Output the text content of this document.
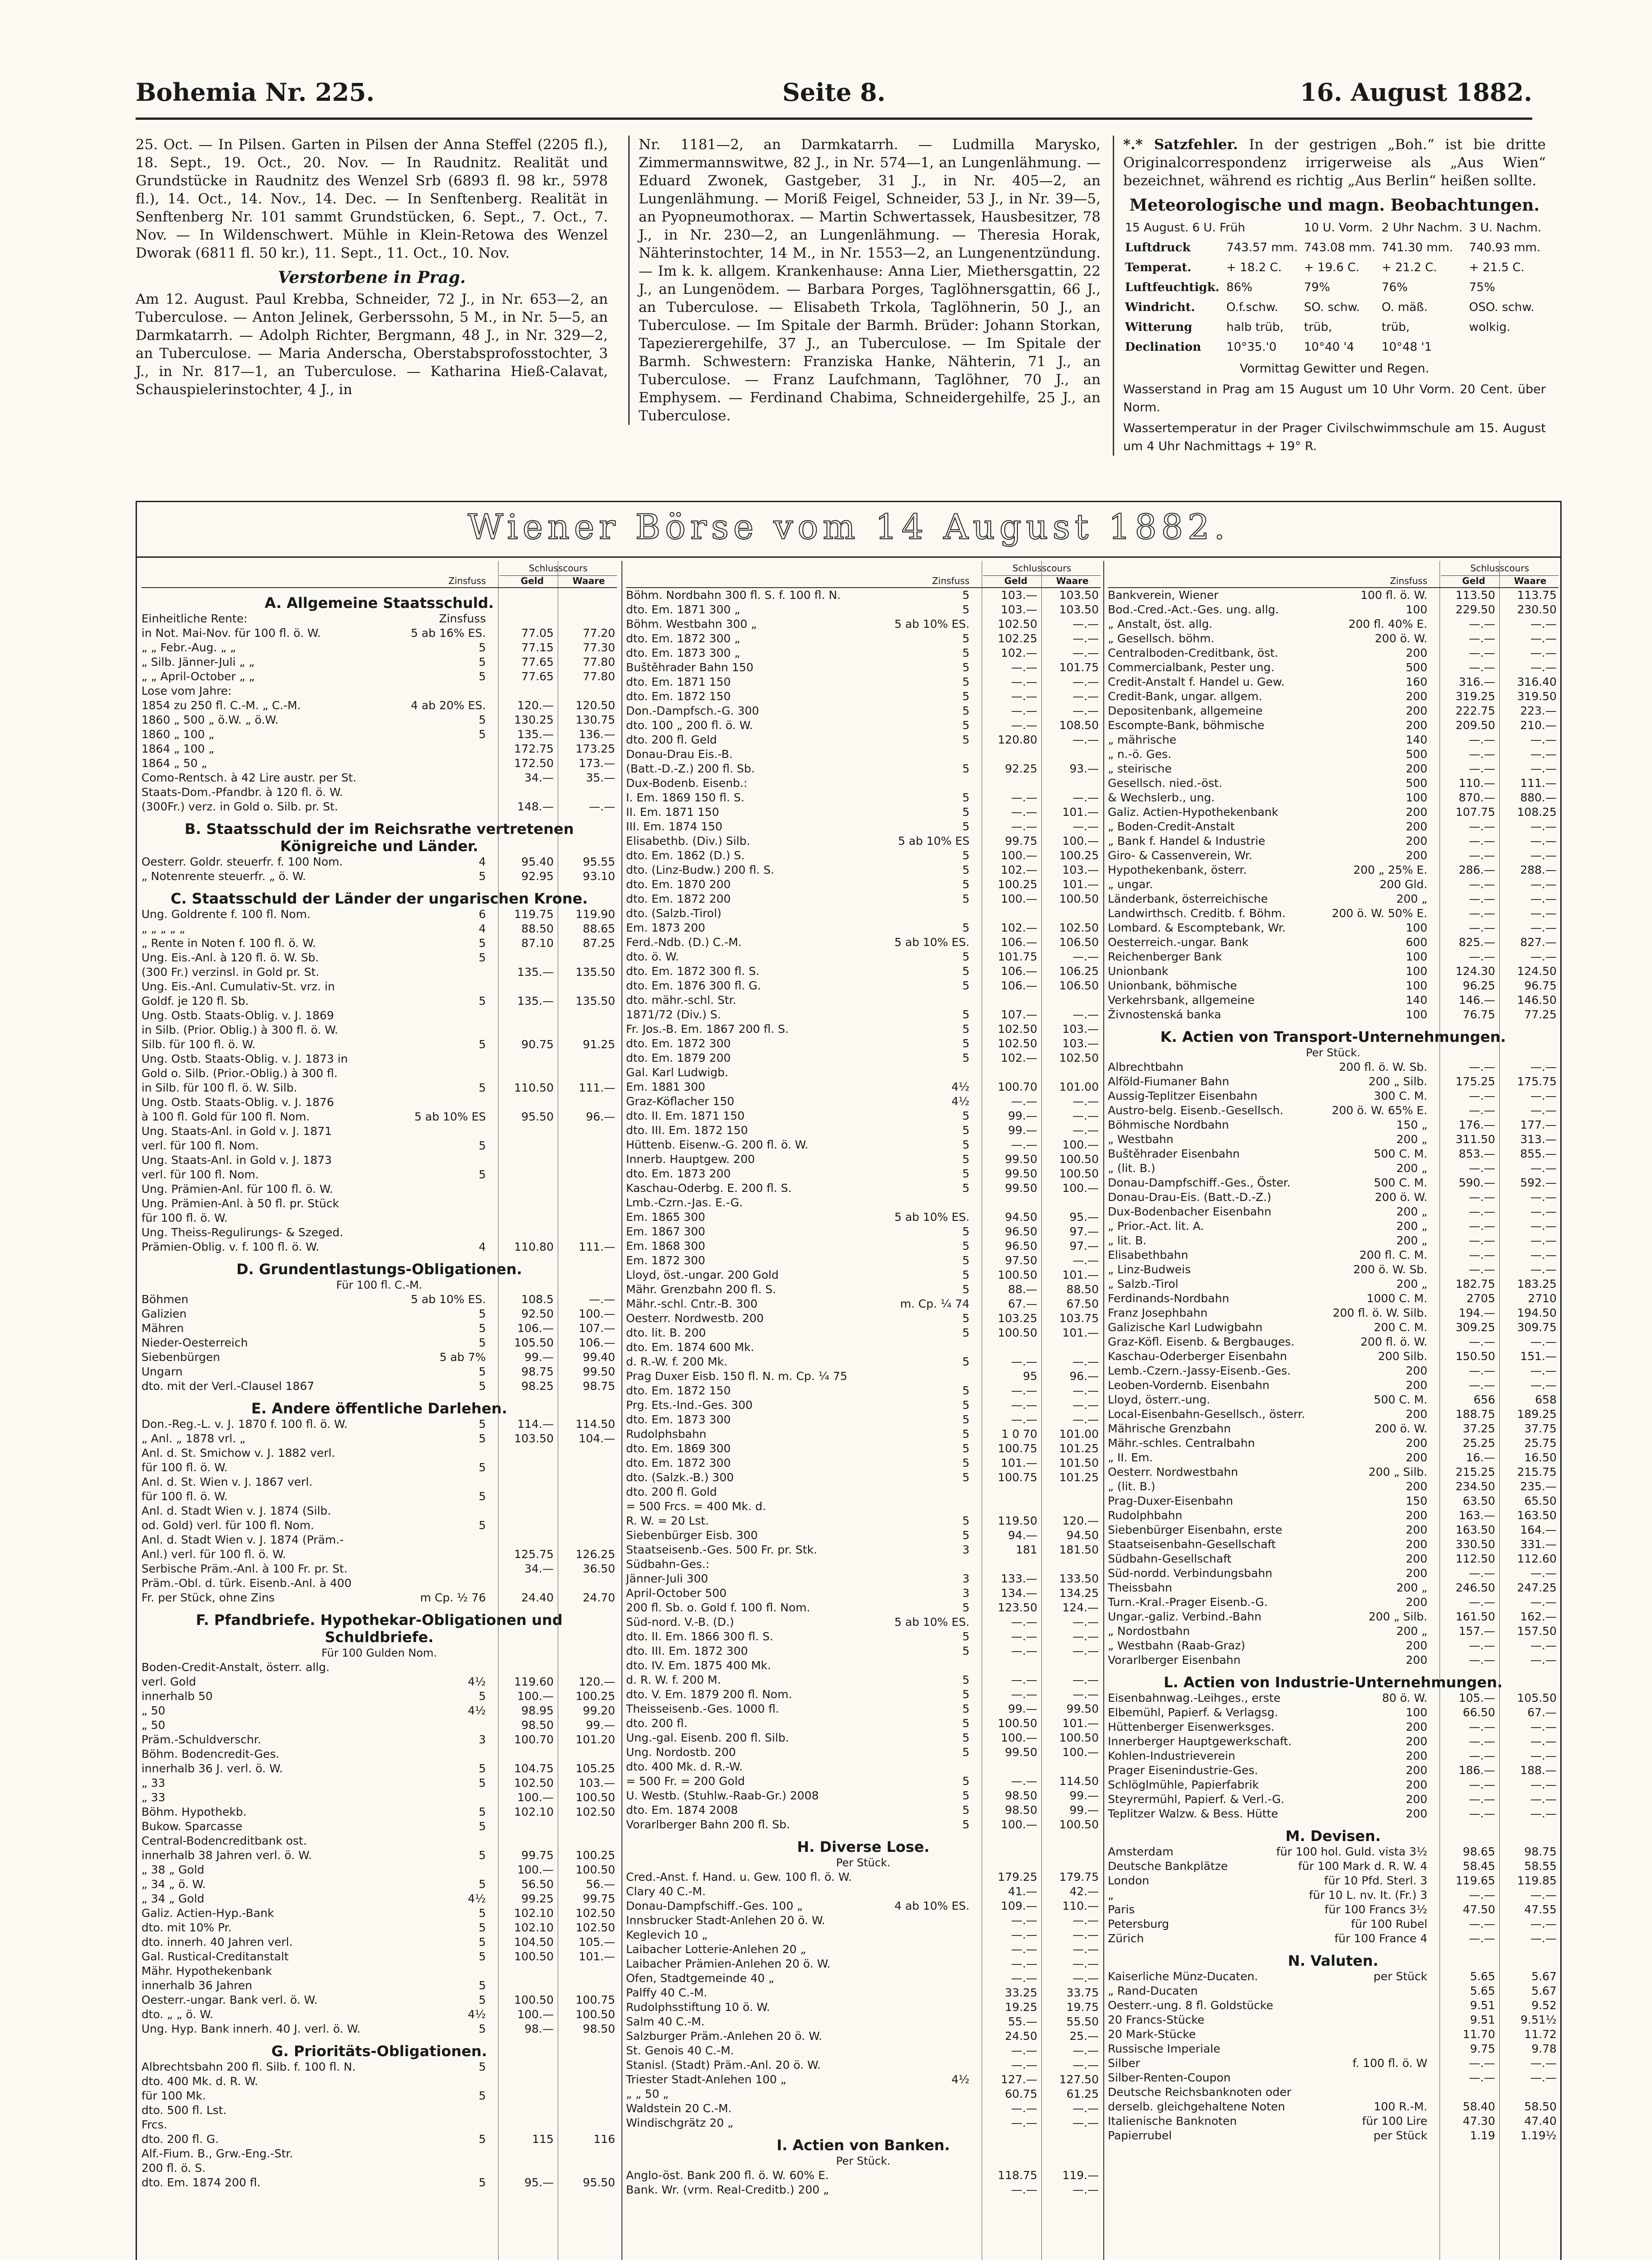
Bohemia Nr. 225.	Seite 8.	16. August 1882.

25. Oct. — In Pilsen. Garten in Pilsen der Anna Steffel (2205 fl.), 18. Sept., 19. Oct., 20. Nov. — In Raudnitz. Realität und Grundstücke in Raudnitz des Wenzel Srb (6893 fl. 98 kr., 5978 fl.), 14. Oct., 14. Nov., 14. Dec. — In Senftenberg. Realität in Senftenberg Nr. 101 sammt Grundstücken, 6. Sept., 7. Oct., 7. Nov. — In Wildenschwert. Mühle in Klein-Retowa des Wenzel Dworak (6811 fl. 50 kr.), 11. Sept., 11. Oct., 10. Nov.

Verstorbene in Prag.

Am 12. August. Paul Krebba, Schneider, 72 J., in Nr. 653—2, an Tuberculose. — Anton Jelinek, Gerberssohn, 5 M., in Nr. 5—5, an Darmkatarrh. — Adolph Richter, Bergmann, 48 J., in Nr. 329—2, an Tuberculose. — Maria Anderscha, Oberstabsprofosstochter, 3 J., in Nr. 817—1, an Tuberculose. — Katharina Hieß-Calavat, Schauspielerinstochter, 4 J., in

Nr. 1181—2, an Darmkatarrh. — Ludmilla Marysko, Zimmermannswitwe, 82 J., in Nr. 574—1, an Lungenlähmung. — Eduard Zwonek, Gastgeber, 31 J., in Nr. 405—2, an Lungenlähmung. — Moriß Feigel, Schneider, 53 J., in Nr. 39—5, an Pyopneumothorax. — Martin Schwertassek, Hausbesitzer, 78 J., in Nr. 230—2, an Lungenlähmung. — Theresia Horak, Nähterinstochter, 14 M., in Nr. 1553—2, an Lungenentzündung. — Im k. k. allgem. Krankenhause: Anna Lier, Miethersgattin, 22 J., an Lungenödem. — Barbara Porges, Taglöhnersgattin, 66 J., an Tuberculose. — Elisabeth Trkola, Taglöhnerin, 50 J., an Tuberculose. — Im Spitale der Barmh. Brüder: Johann Storkan, Tapezierergehilfe, 37 J., an Tuberculose. — Im Spitale der Barmh. Schwestern: Franziska Hanke, Nähterin, 71 J., an Tuberculose. — Franz Laufchmann, Taglöhner, 70 J., an Emphysem. — Ferdinand Chabima, Schneidergehilfe, 25 J., an Tuberculose.

*.* Satzfehler. In der gestrigen „Boh.“ ist bie dritte Originalcorrespondenz irrigerweise als „Aus Wien“ bezeichnet, während es richtig „Aus Berlin“ heißen sollte.

Meteorologische und magn. Beobachtungen.
15 August. 6 U. Früh		10 U. Vorm.	2 Uhr Nachm.	3 U. Nachm.
Luftdruck	743.57 mm.	743.08 mm.	741.30 mm.	740.93 mm.
Temperat.	+ 18.2 C.	+ 19.6 C.	+ 21.2 C.	+ 21.5 C.
Luftfeuchtigk.	86%	79%	76%	75%
Windricht.	O.f.schw.	SO. schw.	O. mäß.	OSO. schw.
Witterung	halb trüb,	trüb,	trüb,	wolkig.
Declination	10°35.'0	10°40 '4	10°48 '1	
Vormittag Gewitter und Regen.
Wasserstand in Prag am 15 August um 10 Uhr Vorm. 20 Cent. über Norm.
Wassertemperatur in der Prager Civilschwimmschule am 15. August um 4 Uhr Nachmittags + 19° R.
Wiener Börse vom 14 August 1882.
Schlusscours
Geld	Waare
Zinsfuss
A. Allgemeine Staatsschuld.
Einheitliche Rente:	Zinsfuss
in Not. Mai-Nov. für 100 fl. ö. W.	5 ab 16% ES.	77.05	77.20
„ „ Febr.-Aug. „ „	5	77.15	77.30
„ Silb. Jänner-Juli „ „	5	77.65	77.80
„ „ April-October „ „	5	77.65	77.80
Lose vom Jahre:
1854 zu 250 fl. C.-M. „ C.-M.	4 ab 20% ES.	120.—	120.50
1860 „ 500 „ ö.W. „ ö.W.	5	130.25	130.75
1860 „ 100 „	5	135.—	136.—
1864 „ 100 „	172.75	173.25
1864 „ 50 „	172.50	173.—
Como-Rentsch. à 42 Lire austr. per St.	34.—	35.—
Staats-Dom.-Pfandbr. à 120 fl. ö. W.
(300Fr.) verz. in Gold o. Silb. pr. St.	148.—	—.—
B. Staatsschuld der im Reichsrathe vertretenen Königreiche und Länder.
Oesterr. Goldr. steuerfr. f. 100 Nom.	4	95.40	95.55
„ Notenrente steuerfr. „ ö. W.	5	92.95	93.10
C. Staatsschuld der Länder der ungarischen Krone.
Ung. Goldrente f. 100 fl. Nom.	6	119.75	119.90
„ „ „ „ „	4	88.50	88.65
„ Rente in Noten f. 100 fl. ö. W.	5	87.10	87.25
Ung. Eis.-Anl. à 120 fl. ö. W. Sb.	5
(300 Fr.) verzinsl. in Gold pr. St.	135.—	135.50
Ung. Eis.-Anl. Cumulativ-St. vrz. in
Goldf. je 120 fl. Sb.	5	135.—	135.50
Ung. Ostb. Staats-Oblig. v. J. 1869
in Silb. (Prior. Oblig.) à 300 fl. ö. W.
Silb. für 100 fl. ö. W.	5	90.75	91.25
Ung. Ostb. Staats-Oblig. v. J. 1873 in
Gold o. Silb. (Prior.-Oblig.) à 300 fl.
in Silb. für 100 fl. ö. W. Silb.	5	110.50	111.—
Ung. Ostb. Staats-Oblig. v. J. 1876
à 100 fl. Gold für 100 fl. Nom.	5 ab 10% ES	95.50	96.—
Ung. Staats-Anl. in Gold v. J. 1871
verl. für 100 fl. Nom.	5
Ung. Staats-Anl. in Gold v. J. 1873
verl. für 100 fl. Nom.	5
Ung. Prämien-Anl. für 100 fl. ö. W.
Ung. Prämien-Anl. à 50 fl. pr. Stück
für 100 fl. ö. W.
Ung. Theiss-Regulirungs- & Szeged.
Prämien-Oblig. v. f. 100 fl. ö. W.	4	110.80	111.—
D. Grundentlastungs-Obligationen.
Für 100 fl. C.-M.
Böhmen	5 ab 10% ES.	108.5	—.—
Galizien	5	92.50	100.—
Mähren	5	106.—	107.—
Nieder-Oesterreich	5	105.50	106.—
Siebenbürgen	5 ab 7%	99.—	99.40
Ungarn	5	98.75	99.50
dto. mit der Verl.-Clausel 1867	5	98.25	98.75
E. Andere öffentliche Darlehen.
Don.-Reg.-L. v. J. 1870 f. 100 fl. ö. W.	5	114.—	114.50
„ Anl. „ 1878 vrl. „	5	103.50	104.—
Anl. d. St. Smichow v. J. 1882 verl.
für 100 fl. ö. W.	5
Anl. d. St. Wien v. J. 1867 verl.
für 100 fl. ö. W.	5
Anl. d. Stadt Wien v. J. 1874 (Silb.
od. Gold) verl. für 100 fl. Nom.	5
Anl. d. Stadt Wien v. J. 1874 (Präm.-
Anl.) verl. für 100 fl. ö. W.	125.75	126.25
Serbische Präm.-Anl. à 100 Fr. pr. St.	34.—	36.50
Präm.-Obl. d. türk. Eisenb.-Anl. à 400
Fr. per Stück, ohne Zins	m Cp. ½ 76	24.40	24.70
F. Pfandbriefe. Hypothekar-Obligationen und Schuldbriefe.
Für 100 Gulden Nom.
Boden-Credit-Anstalt, österr. allg.
verl. Gold	4½	119.60	120.—
innerhalb 50	5	100.—	100.25
„ 50	4½	98.95	99.20
„ 50	98.50	99.—
Präm.-Schuldverschr.	3	100.70	101.20
Böhm. Bodencredit-Ges.
innerhalb 36 J. verl. ö. W.	5	104.75	105.25
„ 33	5	102.50	103.—
„ 33	100.—	100.50
Böhm. Hypothekb.	5	102.10	102.50
Bukow. Sparcasse	5
Central-Bodencreditbank ost.
innerhalb 38 Jahren verl. ö. W.	5	99.75	100.25
„ 38 „ Gold	100.—	100.50
„ 34 „ ö. W.	5	56.50	56.—
„ 34 „ Gold	4½	99.25	99.75
Galiz. Actien-Hyp.-Bank	5	102.10	102.50
dto. mit 10% Pr.	5	102.10	102.50
dto. innerh. 40 Jahren verl.	5	104.50	105.—
Gal. Rustical-Creditanstalt	5	100.50	101.—
Mähr. Hypothekenbank
innerhalb 36 Jahren	5
Oesterr.-ungar. Bank verl. ö. W.	5	100.50	100.75
dto. „ „ ö. W.	4½	100.—	100.50
Ung. Hyp. Bank innerh. 40 J. verl. ö. W.	5	98.—	98.50
G. Prioritäts-Obligationen.
Albrechtsbahn 200 fl. Silb. f. 100 fl. N.	5
dto. 400 Mk. d. R. W.
für 100 Mk.	5
dto. 500 fl. Lst.
Frcs.
dto. 200 fl. G.	5	115	116
Alf.-Fium. B., Grw.-Eng.-Str.
200 fl. ö. S.
dto. Em. 1874 200 fl.	5	95.—	95.50
Schlusscours
Geld	Waare
Zinsfuss
Böhm. Nordbahn 300 fl. S. f. 100 fl. N.	5	103.—	103.50
dto. Em. 1871 300 „	5	103.—	103.50
Böhm. Westbahn 300 „	5 ab 10% ES.	102.50	—.—
dto. Em. 1872 300 „	5	102.25	—.—
dto. Em. 1873 300 „	5	102.—	—.—
Buštěhrader Bahn 150	5	—.—	101.75
dto. Em. 1871 150	5	—.—	—.—
dto. Em. 1872 150	5	—.—	—.—
Don.-Dampfsch.-G. 300	5	—.—	—.—
dto. 100 „ 200 fl. ö. W.	5	—.—	108.50
dto. 200 fl. Geld	5	120.80	—.—
Donau-Drau Eis.-B.
(Batt.-D.-Z.) 200 fl. Sb.	5	92.25	93.—
Dux-Bodenb. Eisenb.:
I. Em. 1869 150 fl. S.	5	—.—	—.—
II. Em. 1871 150	5	—.—	101.—
III. Em. 1874 150	5	—.—	—.—
Elisabethb. (Div.) Silb.	5 ab 10% ES	99.75	100.—
dto. Em. 1862 (D.) S.	5	100.—	100.25
dto. (Linz-Budw.) 200 fl. S.	5	102.—	103.—
dto. Em. 1870 200	5	100.25	101.—
dto. Em. 1872 200	5	100.—	100.50
dto. (Salzb.-Tirol)
Em. 1873 200	5	102.—	102.50
Ferd.-Ndb. (D.) C.-M.	5 ab 10% ES.	106.—	106.50
dto. ö. W.	5	101.75	—.—
dto. Em. 1872 300 fl. S.	5	106.—	106.25
dto. Em. 1876 300 fl. G.	5	106.—	106.50
dto. mähr.-schl. Str.
1871/72 (Div.) S.	5	107.—	—.—
Fr. Jos.-B. Em. 1867 200 fl. S.	5	102.50	103.—
dto. Em. 1872 300	5	102.50	103.—
dto. Em. 1879 200	5	102.—	102.50
Gal. Karl Ludwigb.
Em. 1881 300	4½	100.70	101.00
Graz-Köflacher 150	4½	—.—	—.—
dto. II. Em. 1871 150	5	99.—	—.—
dto. III. Em. 1872 150	5	99.—	—.—
Hüttenb. Eisenw.-G. 200 fl. ö. W.	5	—.—	100.—
Innerb. Hauptgew. 200	5	99.50	100.50
dto. Em. 1873 200	5	99.50	100.50
Kaschau-Oderbg. E. 200 fl. S.	5	99.50	100.—
Lmb.-Czrn.-Jas. E.-G.
Em. 1865 300	5 ab 10% ES.	94.50	95.—
Em. 1867 300	5	96.50	97.—
Em. 1868 300	5	96.50	97.—
Em. 1872 300	5	97.50	—.—
Lloyd, öst.-ungar. 200 Gold	5	100.50	101.—
Mähr. Grenzbahn 200 fl. S.	5	88.—	88.50
Mähr.-schl. Cntr.-B. 300	m. Cp. ¼ 74	67.—	67.50
Oesterr. Nordwestb. 200	5	103.25	103.75
dto. lit. B. 200	5	100.50	101.—
dto. Em. 1874 600 Mk.
d. R.-W. f. 200 Mk.	5	—.—	—.—
Prag Duxer Eisb. 150 fl. N. m. Cp. ¼ 75	95	96.—
dto. Em. 1872 150	5	—.—	—.—
Prg. Ets.-Ind.-Ges. 300	5	—.—	—.—
dto. Em. 1873 300	5	—.—	—.—
Rudolphsbahn	5	1 0 70	101.00
dto. Em. 1869 300	5	100.75	101.25
dto. Em. 1872 300	5	101.—	101.50
dto. (Salzk.-B.) 300	5	100.75	101.25
dto. 200 fl. Gold
= 500 Frcs. = 400 Mk. d.
R. W. = 20 Lst.	5	119.50	120.—
Siebenbürger Eisb. 300	5	94.—	94.50
Staatseisenb.-Ges. 500 Fr. pr. Stk.	3	181	181.50
Südbahn-Ges.:
Jänner-Juli 300	3	133.—	133.50
April-October 500	3	134.—	134.25
200 fl. Sb. o. Gold f. 100 fl. Nom.	5	123.50	124.—
Süd-nord. V.-B. (D.)	5 ab 10% ES.	—.—	—.—
dto. II. Em. 1866 300 fl. S.	5	—.—	—.—
dto. III. Em. 1872 300	5	—.—	—.—
dto. IV. Em. 1875 400 Mk.
d. R. W. f. 200 M.	5	—.—	—.—
dto. V. Em. 1879 200 fl. Nom.	5	—.—	—.—
Theisseisenb.-Ges. 1000 fl.	5	99.—	99.50
dto. 200 fl.	5	100.50	101.—
Ung.-gal. Eisenb. 200 fl. Silb.	5	100.—	100.50
Ung. Nordostb. 200	5	99.50	100.—
dto. 400 Mk. d. R.-W.
= 500 Fr. = 200 Gold	5	—.—	114.50
U. Westb. (Stuhlw.-Raab-Gr.) 2008	5	98.50	99.—
dto. Em. 1874 2008	5	98.50	99.—
Vorarlberger Bahn 200 fl. Sb.	5	100.—	100.50
H. Diverse Lose.
Per Stück.
Cred.-Anst. f. Hand. u. Gew. 100 fl. ö. W.	179.25	179.75
Clary 40 C.-M.	41.—	42.—
Donau-Dampfschiff.-Ges. 100 „	4 ab 10% ES.	109.—	110.—
Innsbrucker Stadt-Anlehen 20 ö. W.	—.—	—.—
Keglevich 10 „	—.—	—.—
Laibacher Lotterie-Anlehen 20 „	—.—	—.—
Laibacher Prämien-Anlehen 20 ö. W.	—.—	—.—
Ofen, Stadtgemeinde 40 „	—.—	—.—
Palffy 40 C.-M.	33.25	33.75
Rudolphsstiftung 10 ö. W.	19.25	19.75
Salm 40 C.-M.	55.—	55.50
Salzburger Präm.-Anlehen 20 ö. W.	24.50	25.—
St. Genois 40 C.-M.	—.—	—.—
Stanisl. (Stadt) Präm.-Anl. 20 ö. W.	—.—	—.—
Triester Stadt-Anlehen 100 „	4½	127.—	127.50
„ „ 50 „	60.75	61.25
Waldstein 20 C.-M.	—.—	—.—
Windischgrätz 20 „	—.—	—.—
I. Actien von Banken.
Per Stück.
Anglo-öst. Bank 200 fl. ö. W. 60% E.	118.75	119.—
Bank. Wr. (vrm. Real-Creditb.) 200 „	—.—	—.—
Schlusscours
Geld	Waare
Zinsfuss
Bankverein, Wiener	100 fl. ö. W.	113.50	113.75
Bod.-Cred.-Act.-Ges. ung. allg.	100	229.50	230.50
„ Anstalt, öst. allg.	200 fl. 40% E.	—.—	—.—
„ Gesellsch. böhm.	200 ö. W.	—.—	—.—
Centralboden-Creditbank, öst.	200	—.—	—.—
Commercialbank, Pester ung.	500	—.—	—.—
Credit-Anstalt f. Handel u. Gew.	160	316.—	316.40
Credit-Bank, ungar. allgem.	200	319.25	319.50
Depositenbank, allgemeine	200	222.75	223.—
Escompte-Bank, böhmische	200	209.50	210.—
„ mährische	140	—.—	—.—
„ n.-ö. Ges.	500	—.—	—.—
„ steirische	200	—.—	—.—
Gesellsch. nied.-öst.	500	110.—	111.—
& Wechslerb., ung.	100	870.—	880.—
Galiz. Actien-Hypothekenbank	200	107.75	108.25
„ Boden-Credit-Anstalt	200	—.—	—.—
„ Bank f. Handel & Industrie	200	—.—	—.—
Giro- & Cassenverein, Wr.	200	—.—	—.—
Hypothekenbank, österr.	200 „ 25% E.	286.—	288.—
„ ungar.	200 Gld.	—.—	—.—
Länderbank, österreichische	200 „	—.—	—.—
Landwirthsch. Creditb. f. Böhm.	200 ö. W. 50% E.	—.—	—.—
Lombard. & Escomptebank, Wr.	100	—.—	—.—
Oesterreich.-ungar. Bank	600	825.—	827.—
Reichenberger Bank	100	—.—	—.—
Unionbank	100	124.30	124.50
Unionbank, böhmische	100	96.25	96.75
Verkehrsbank, allgemeine	140	146.—	146.50
Živnostenská banka	100	76.75	77.25
K. Actien von Transport-Unternehmungen.
Per Stück.
Albrechtbahn	200 fl. ö. W. Sb.	—.—	—.—
Alföld-Fiumaner Bahn	200 „ Silb.	175.25	175.75
Aussig-Teplitzer Eisenbahn	300 C. M.	—.—	—.—
Austro-belg. Eisenb.-Gesellsch.	200 ö. W. 65% E.	—.—	—.—
Böhmische Nordbahn	150 „	176.—	177.—
„ Westbahn	200 „	311.50	313.—
Buštěhrader Eisenbahn	500 C. M.	853.—	855.—
„ (lit. B.)	200 „	—.—	—.—
Donau-Dampfschiff.-Ges., Öster.	500 C. M.	590.—	592.—
Donau-Drau-Eis. (Batt.-D.-Z.)	200 ö. W.	—.—	—.—
Dux-Bodenbacher Eisenbahn	200 „	—.—	—.—
„ Prior.-Act. lit. A.	200 „	—.—	—.—
„ lit. B.	200 „	—.—	—.—
Elisabethbahn	200 fl. C. M.	—.—	—.—
„ Linz-Budweis	200 ö. W. Sb.	—.—	—.—
„ Salzb.-Tirol	200 „	182.75	183.25
Ferdinands-Nordbahn	1000 C. M.	2705	2710
Franz Josephbahn	200 fl. ö. W. Silb.	194.—	194.50
Galizische Karl Ludwigbahn	200 C. M.	309.25	309.75
Graz-Köfl. Eisenb. & Bergbauges.	200 fl. ö. W.	—.—	—.—
Kaschau-Oderberger Eisenbahn	200 Silb.	150.50	151.—
Lemb.-Czern.-Jassy-Eisenb.-Ges.	200	—.—	—.—
Leoben-Vordernb. Eisenbahn	200	—.—	—.—
Lloyd, österr.-ung.	500 C. M.	656	658
Local-Eisenbahn-Gesellsch., österr.	200	188.75	189.25
Mährische Grenzbahn	200 ö. W.	37.25	37.75
Mähr.-schles. Centralbahn	200	25.25	25.75
„ II. Em.	200	16.—	16.50
Oesterr. Nordwestbahn	200 „ Silb.	215.25	215.75
„ (lit. B.)	200	234.50	235.—
Prag-Duxer-Eisenbahn	150	63.50	65.50
Rudolphbahn	200	163.—	163.50
Siebenbürger Eisenbahn, erste	200	163.50	164.—
Staatseisenbahn-Gesellschaft	200	330.50	331.—
Südbahn-Gesellschaft	200	112.50	112.60
Süd-nordd. Verbindungsbahn	200	—.—	—.—
Theissbahn	200 „	246.50	247.25
Turn.-Kral.-Prager Eisenb.-G.	200	—.—	—.—
Ungar.-galiz. Verbind.-Bahn	200 „ Silb.	161.50	162.—
„ Nordostbahn	200 „	157.—	157.50
„ Westbahn (Raab-Graz)	200	—.—	—.—
Vorarlberger Eisenbahn	200	—.—	—.—
L. Actien von Industrie-Unternehmungen.
Eisenbahnwag.-Leihges., erste	80 ö. W.	105.—	105.50
Elbemühl, Papierf. & Verlagsg.	100	66.50	67.—
Hüttenberger Eisenwerksges.	200	—.—	—.—
Innerberger Hauptgewerkschaft.	200	—.—	—.—
Kohlen-Industrieverein	200	—.—	—.—
Prager Eisenindustrie-Ges.	200	186.—	188.—
Schlöglmühle, Papierfabrik	200	—.—	—.—
Steyrermühl, Papierf. & Verl.-G.	200	—.—	—.—
Teplitzer Walzw. & Bess. Hütte	200	—.—	—.—
M. Devisen.
Amsterdam	für 100 hol. Guld. vista 3½	98.65	98.75
Deutsche Bankplätze	für 100 Mark d. R. W. 4	58.45	58.55
London	für 10 Pfd. Sterl. 3	119.65	119.85
„	für 10 L. nv. It. (Fr.) 3	—.—	—.—
Paris	für 100 Francs 3½	47.50	47.55
Petersburg	für 100 Rubel	—.—	—.—
Zürich	für 100 France 4	—.—	—.—
N. Valuten.
Kaiserliche Münz-Ducaten.	per Stück	5.65	5.67
„ Rand-Ducaten	5.65	5.67
Oesterr.-ung. 8 fl. Goldstücke	9.51	9.52
20 Francs-Stücke	9.51	9.51½
20 Mark-Stücke	11.70	11.72
Russische Imperiale	9.75	9.78
Silber	f. 100 fl. ö. W	—.—	—.—
Silber-Renten-Coupon	—.—	—.—
Deutsche Reichsbanknoten oder
derselb. gleichgehaltene Noten	100 R.-M.	58.40	58.50
Italienische Banknoten	für 100 Lire	47.30	47.40
Papierrubel	per Stück	1.19	1.19½
